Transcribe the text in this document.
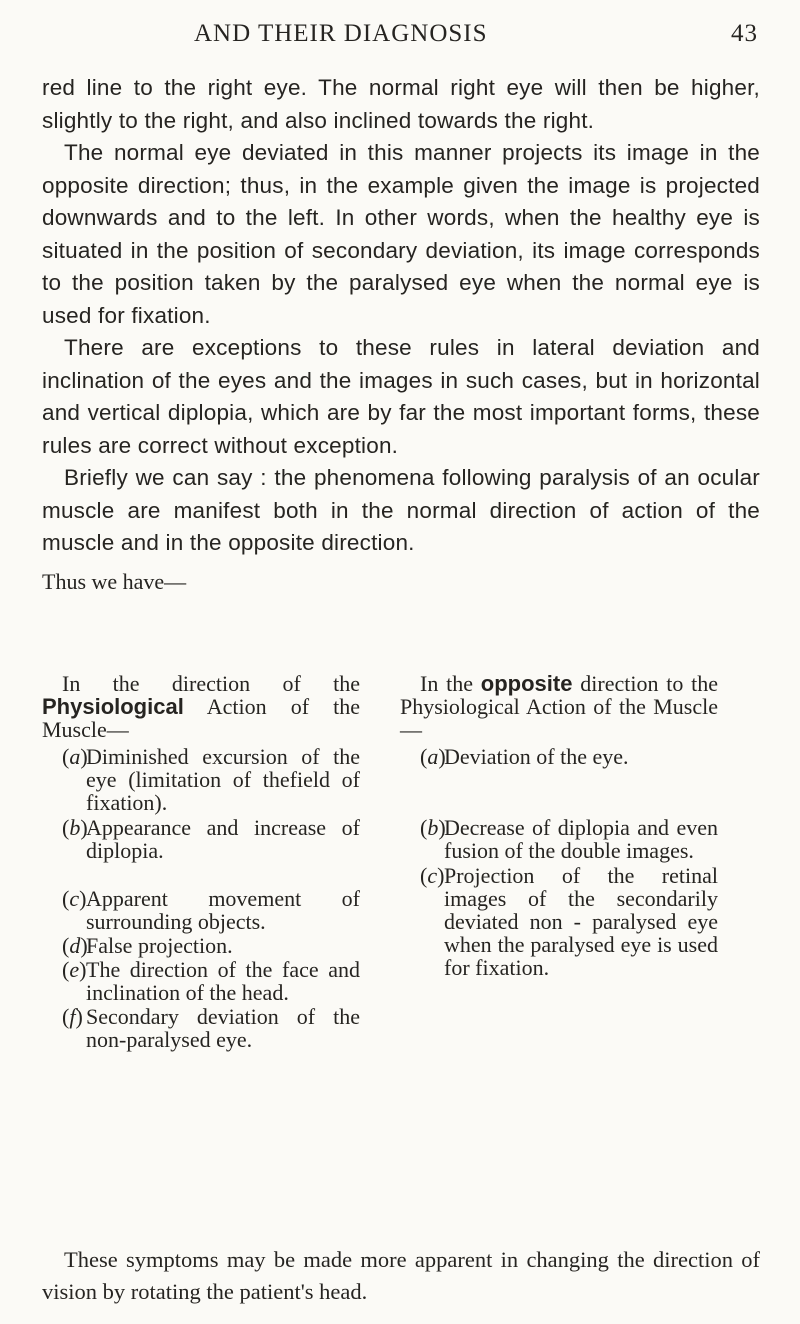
AND THEIR DIAGNOSIS	43

red line to the right eye. The normal right eye will then be higher, slightly to the right, and also inclined towards the right.

The normal eye deviated in this manner projects its image in the opposite direction; thus, in the example given the image is projected downwards and to the left. In other words, when the healthy eye is situated in the position of secondary deviation, its image corresponds to the position taken by the paralysed eye when the normal eye is used for fixation.

There are exceptions to these rules in lateral deviation and inclination of the eyes and the images in such cases, but in horizontal and vertical diplopia, which are by far the most important forms, these rules are correct without exception.

Briefly we can say : the phenomena following paralysis of an ocular muscle are manifest both in the normal direction of action of the muscle and in the opposite direction.

Thus we have—

In the direction of the Physiological Action of the Muscle—
(a)
Diminished excursion of the eye (limitation of thefield of fixation).
(b)
Appearance and increase of diplopia.
(c) Apparent movement of surrounding objects.
(d)
False projection.
(e) The direction of the face and inclination of the head.
(f) Secondary deviation of the non-paralysed eye.
In the opposite direction to the Physiological Action of the Muscle—
(a)
Deviation of the eye.
(b)
Decrease of diplopia and even fusion of the double images.
(c) Projection of the retinal images of the secondarily deviated non - paralysed eye when the paralysed eye is used for fixation.

These symptoms may be made more apparent in changing the direction of vision by rotating the patient's head.
